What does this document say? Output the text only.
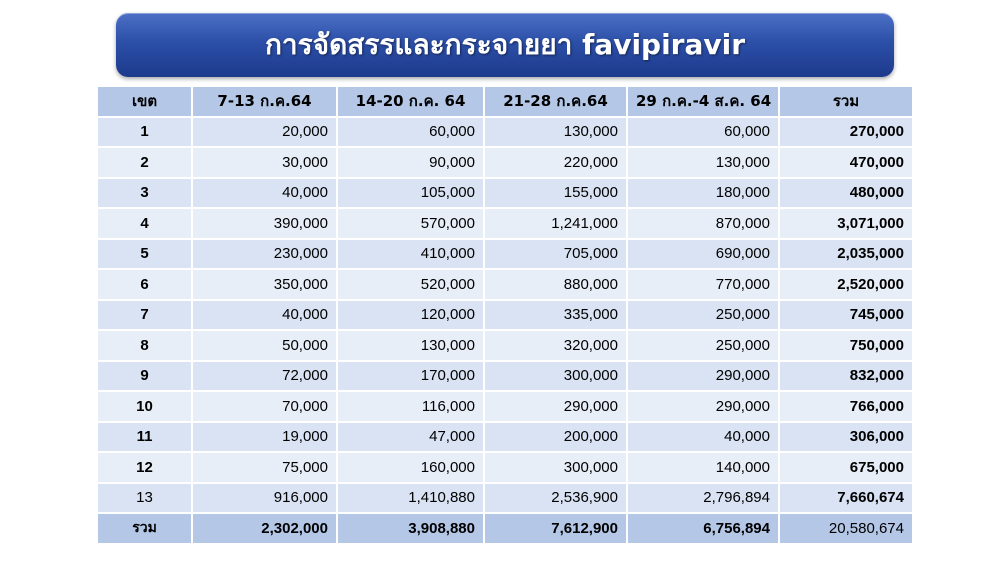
การจัดสรรและกระจายยา favipiravir
เขต	7-13 ก.ค.64	14-20 ก.ค. 64	21-28 ก.ค.64	29 ก.ค.-4 ส.ค. 64	รวม
1	20,000	60,000	130,000	60,000	270,000
2	30,000	90,000	220,000	130,000	470,000
3	40,000	105,000	155,000	180,000	480,000
4	390,000	570,000	1,241,000	870,000	3,071,000
5	230,000	410,000	705,000	690,000	2,035,000
6	350,000	520,000	880,000	770,000	2,520,000
7	40,000	120,000	335,000	250,000	745,000
8	50,000	130,000	320,000	250,000	750,000
9	72,000	170,000	300,000	290,000	832,000
10	70,000	116,000	290,000	290,000	766,000
11	19,000	47,000	200,000	40,000	306,000
12	75,000	160,000	300,000	140,000	675,000
13	916,000	1,410,880	2,536,900	2,796,894	7,660,674
รวม	2,302,000	3,908,880	7,612,900	6,756,894	20,580,674
